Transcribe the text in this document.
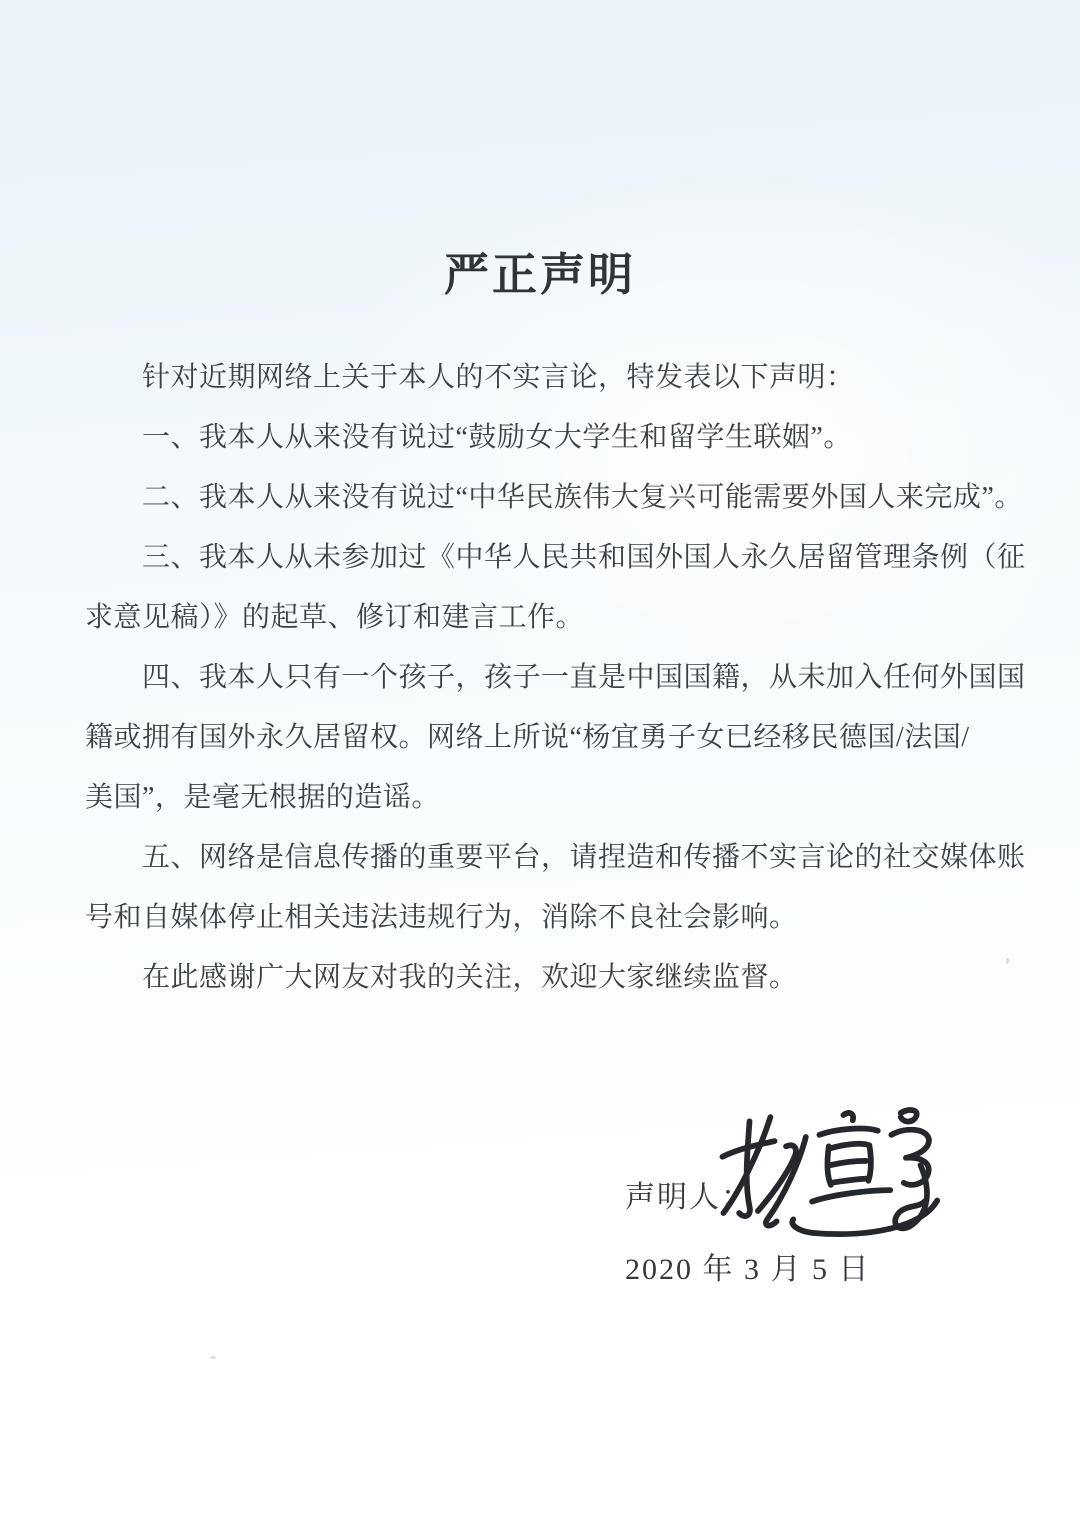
严正声明
针对近期网络上关于本人的不实言论，特发表以下声明：
一、我本人从来没有说过“鼓励女大学生和留学生联姻”。
二、我本人从来没有说过“中华民族伟大复兴可能需要外国人来完成”。
三、我本人从未参加过《中华人民共和国外国人永久居留管理条例（征
求意见稿）》的起草、修订和建言工作。
四、我本人只有一个孩子，孩子一直是中国国籍，从未加入任何外国国
籍或拥有国外永久居留权。网络上所说“杨宜勇子女已经移民德国/法国/
美国”，是毫无根据的造谣。
五、网络是信息传播的重要平台，请捏造和传播不实言论的社交媒体账
号和自媒体停止相关违法违规行为，消除不良社会影响。
在此感谢广大网友对我的关注，欢迎大家继续监督。
声明人：
2020 年 3 月 5 日
